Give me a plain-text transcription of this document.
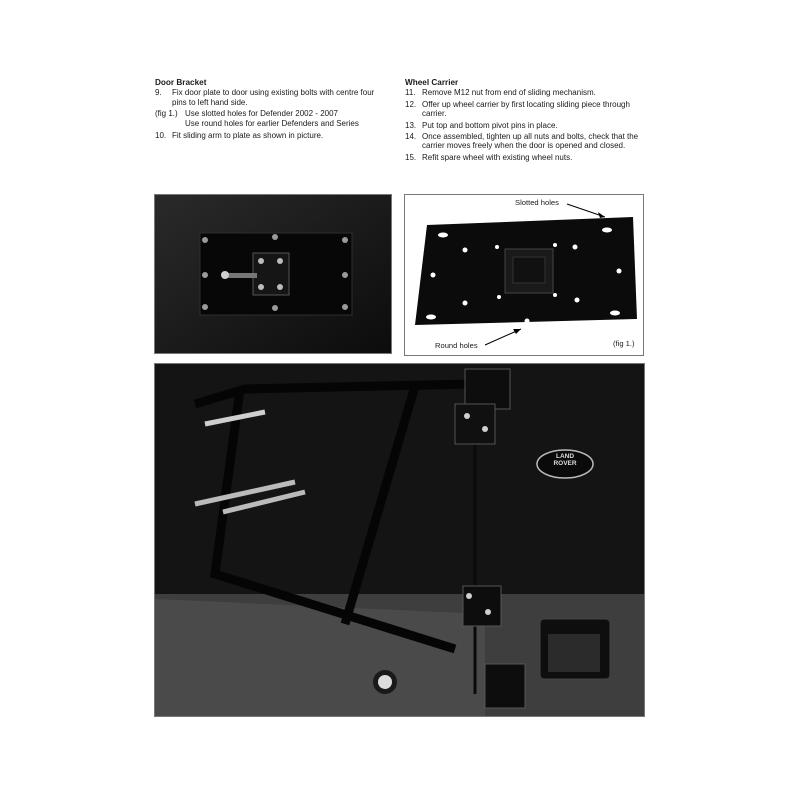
Door Bracket
9.	Fix door plate to door using existing bolts with centre four pins to left hand side.
(fig 1.) Use slotted holes for Defender 2002 - 2007
Use round holes for earlier Defenders and Series
10. Fit sliding arm to plate as shown in picture.
Wheel Carrier
11. Remove M12 nut from end of sliding mechanism.
12. Offer up wheel carrier by first locating sliding piece through carrier.
13. Put top and bottom pivot pins in place.
14. Once assembled, tighten up all nuts and bolts, check that the carrier moves freely when the door is opened and closed.
15. Refit spare wheel with existing wheel nuts.
Slotted holes
Round holes	(fig 1.)
LAND
ROVER
